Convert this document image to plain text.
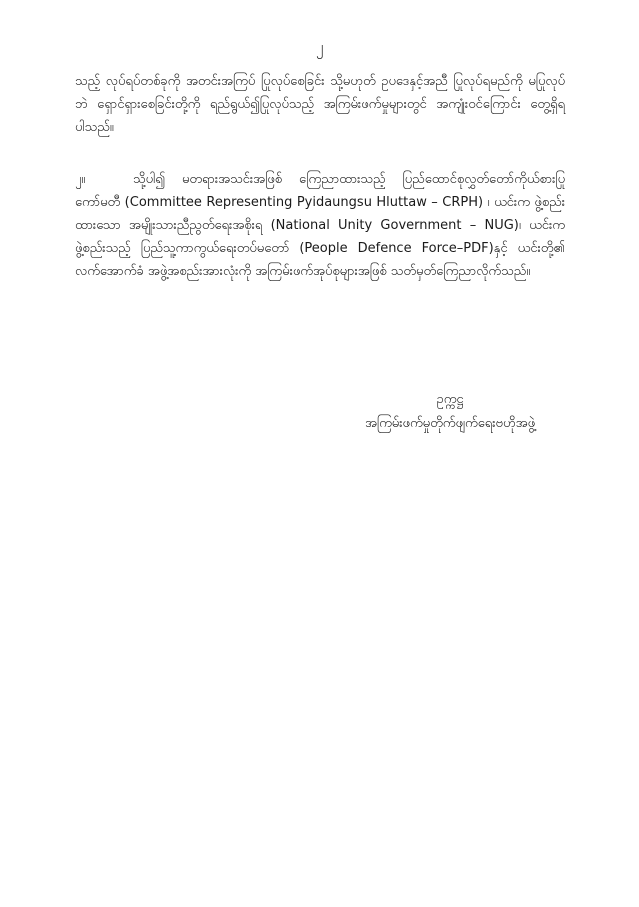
၂

သည့် လုပ်ရပ်တစ်ခုကို အတင်းအကြပ် ပြုလုပ်စေခြင်း သို့မဟုတ် ဥပဒေနှင့်အညီ ပြုလုပ်ရမည်ကို မပြုလုပ်ဘဲ ရှောင်ရှားစေခြင်းတို့ကို ရည်ရွယ်၍ပြုလုပ်သည့် အကြမ်းဖက်မှုများတွင် အကျုံးဝင်ကြောင်း တွေ့ရှိရပါသည်။

၂။	သို့ပါ၍ မတရားအသင်းအဖြစ် ကြေညာထားသည့် ပြည်ထောင်စုလွှတ်တော်ကိုယ်စားပြုကော်မတီ (Committee Representing Pyidaungsu Hluttaw – CRPH) ၊ ယင်းက ဖွဲ့စည်းထားသော အမျိုးသားညီညွတ်ရေးအစိုးရ (National Unity Government – NUG)၊ ယင်းက ဖွဲ့စည်းသည့် ပြည်သူ့ကာကွယ်ရေးတပ်မတော် (People Defence Force–PDF)နှင့် ယင်းတို့၏ လက်အောက်ခံ အဖွဲ့အစည်းအားလုံးကို အကြမ်းဖက်အုပ်စုများအဖြစ် သတ်မှတ်ကြေညာလိုက်သည်။

ဥက္ကဋ္ဌ
အကြမ်းဖက်မှုတိုက်ဖျက်ရေးဗဟိုအဖွဲ့
